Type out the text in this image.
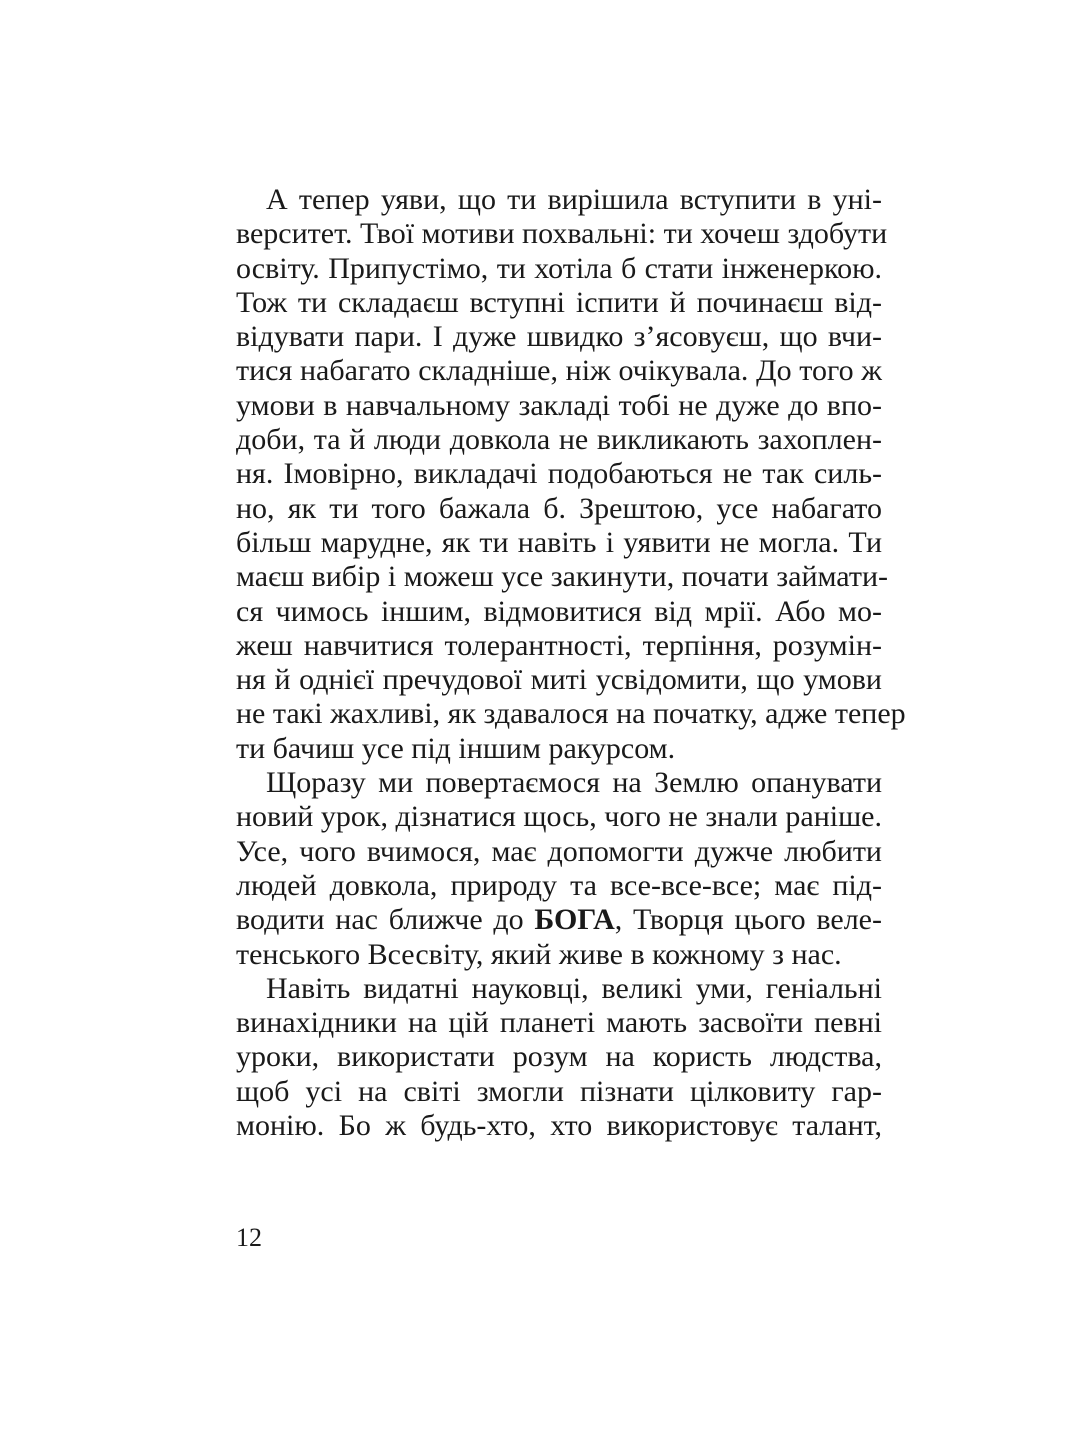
А тепер уяви, що ти вирішила вступити в уні-
верситет. Твої мотиви похвальні: ти хочеш здобути
освіту. Припустімо, ти хотіла б стати інженеркою.
Тож ти складаєш вступні іспити й починаєш від-
відувати пари. І дуже швидко з’ясовуєш, що вчи-
тися набагато складніше, ніж очікувала. До того ж
умови в навчальному закладі тобі не дуже до впо-
доби, та й люди довкола не викликають захоплен-
ня. Імовірно, викладачі подобаються не так силь-
но, як ти того бажала б. Зрештою, усе набагато
більш марудне, як ти навіть і уявити не могла. Ти
маєш вибір і можеш усе закинути, почати займати-
ся чимось іншим, відмовитися від мрії. Або мо-
жеш навчитися толерантності, терпіння, розумін-
ня й однієї пречудової миті усвідомити, що умови
не такі жахливі, як здавалося на початку, адже тепер
ти бачиш усе під іншим ракурсом.
Щоразу ми повертаємося на Землю опанувати
новий урок, дізнатися щось, чого не знали раніше.
Усе, чого вчимося, має допомогти дужче любити
людей довкола, природу та все-все-все; має під-
водити нас ближче до БОГА, Творця цього веле-
тенського Всесвіту, який живе в кожному з нас.
Навіть видатні науковці, великі уми, геніальні
винахідники на цій планеті мають засвоїти певні
уроки, використати розум на користь людства,
щоб усі на світі змогли пізнати цілковиту гар-
монію. Бо ж будь-хто, хто використовує талант,
12
